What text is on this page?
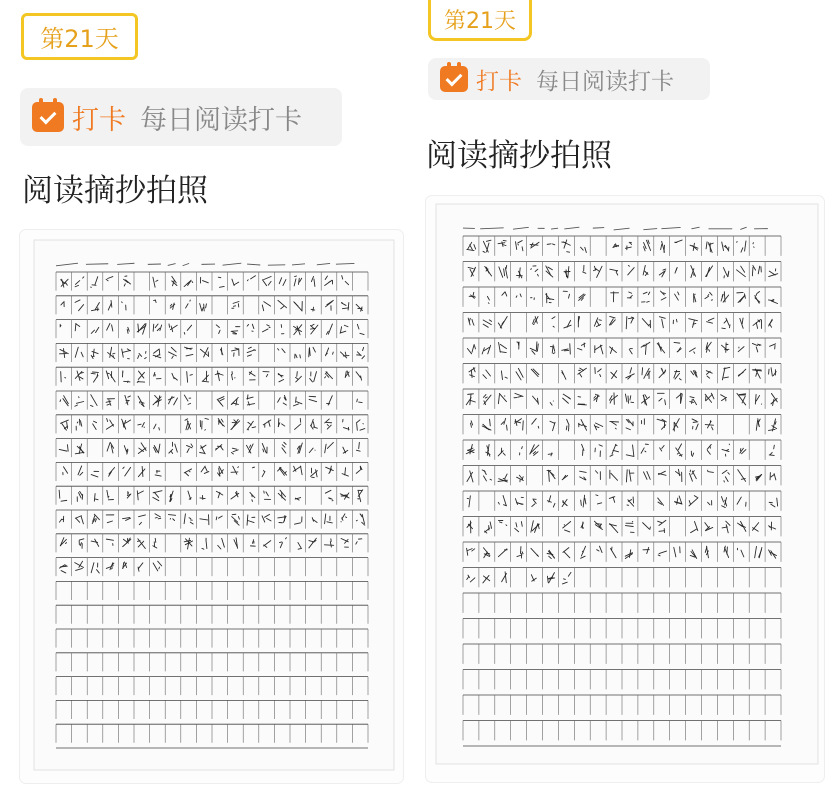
第21天
打卡 每日阅读打卡
阅读摘抄拍照
第21天
打卡 每日阅读打卡
阅读摘抄拍照
